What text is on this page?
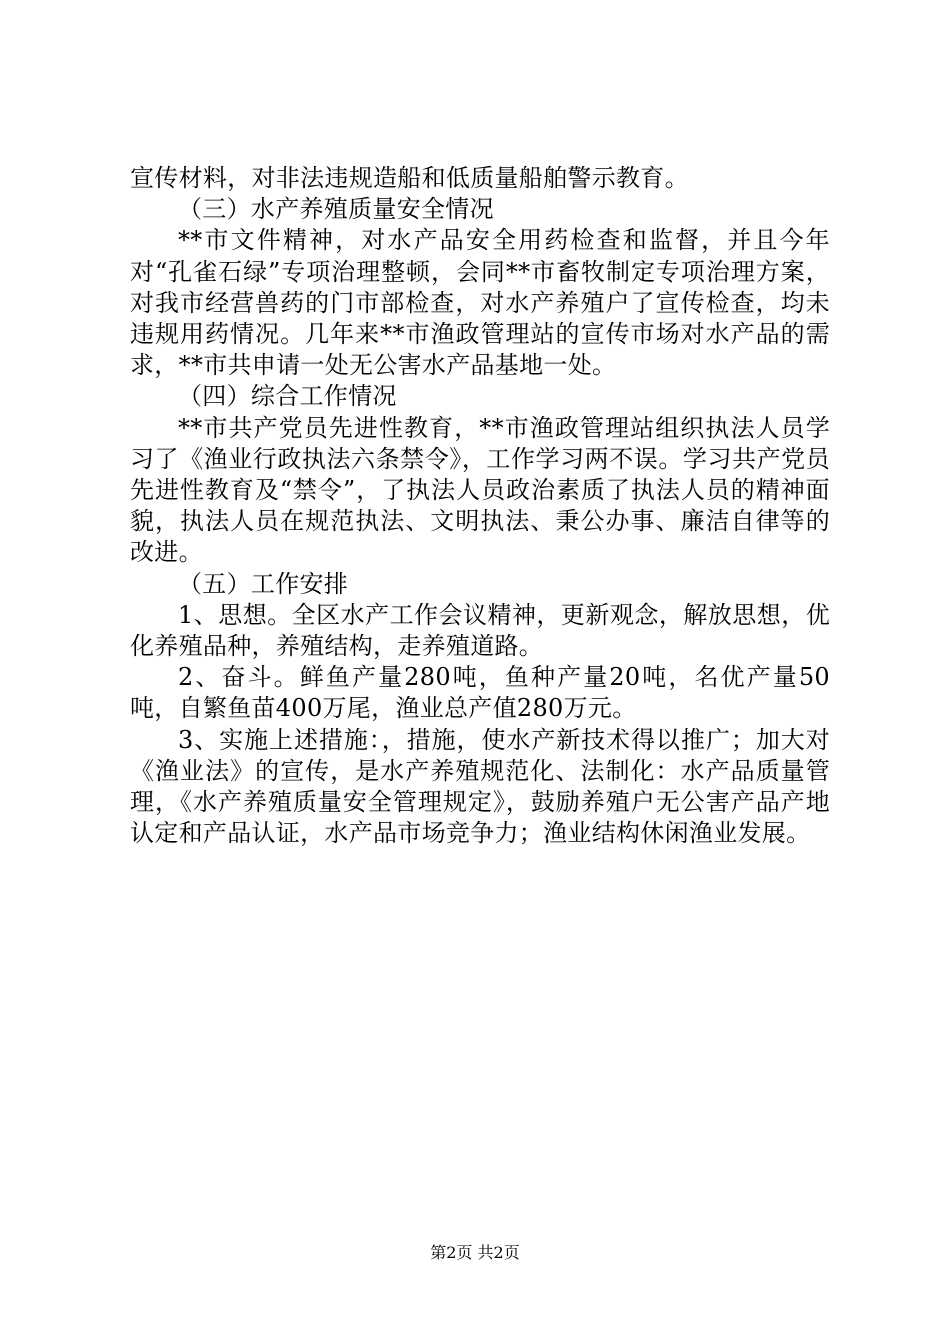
宣传材料，对非法违规造船和低质量船舶警示教育。

（三）水产养殖质量安全情况

**市文件精神，对水产品安全用药检查和监督，并且今年对“孔雀石绿”专项治理整顿，会同**市畜牧制定专项治理方案，对我市经营兽药的门市部检查，对水产养殖户了宣传检查，均未违规用药情况。几年来**市渔政管理站的宣传市场对水产品的需求，**市共申请一处无公害水产品基地一处。

（四）综合工作情况

**市共产党员先进性教育，**市渔政管理站组织执法人员学习了《渔业行政执法六条禁令》，工作学习两不误。学习共产党员先进性教育及“禁令”，了执法人员政治素质了执法人员的精神面貌，执法人员在规范执法、文明执法、秉公办事、廉洁自律等的改进。

（五）工作安排

1、思想。全区水产工作会议精神，更新观念，解放思想，优化养殖品种，养殖结构，走养殖道路。

2、奋斗。鲜鱼产量280吨，鱼种产量20吨，名优产量50吨，自繁鱼苗400万尾，渔业总产值280万元。

3、实施上述措施：，措施，使水产新技术得以推广；加大对《渔业法》的宣传，是水产养殖规范化、法制化：水产品质量管理，《水产养殖质量安全管理规定》，鼓励养殖户无公害产品产地认定和产品认证，水产品市场竞争力；渔业结构休闲渔业发展。

第2页 共2页
